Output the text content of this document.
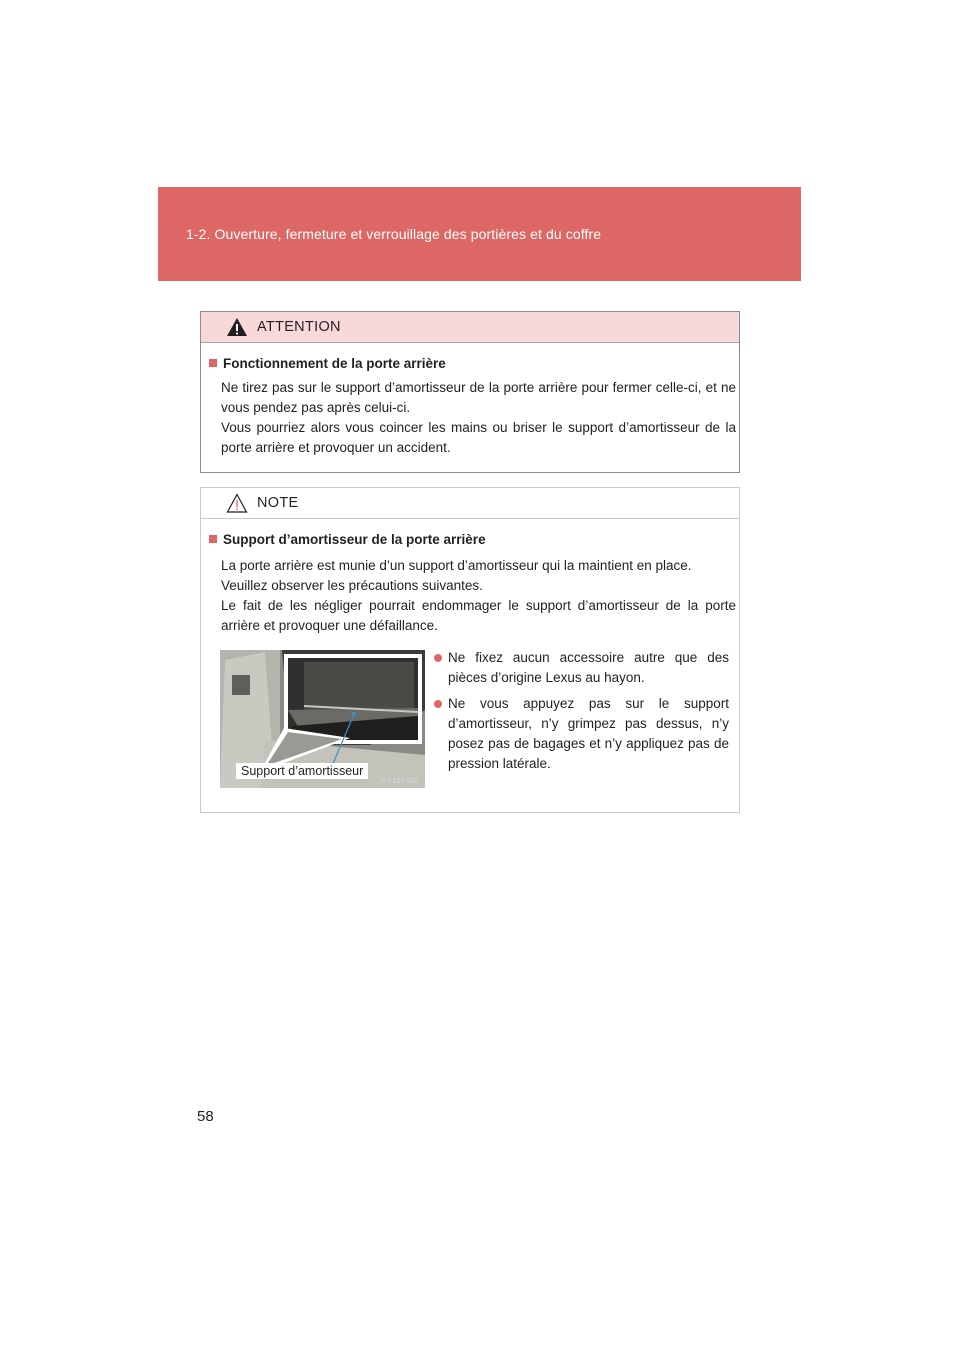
1-2. Ouverture, fermeture et verrouillage des portières et du coffre
ATTENTION
Fonctionnement de la porte arrière
Ne tirez pas sur le support d’amortisseur de la porte arrière pour fermer celle-ci, et ne vous pendez pas après celui-ci.
Vous pourriez alors vous coincer les mains ou briser le support d’amortisseur de la porte arrière et provoquer un accident.
NOTE
Support d’amortisseur de la porte arrière
La porte arrière est munie d’un support d’amortisseur qui la maintient en place.
Veuillez observer les précautions suivantes.
Le fait de les négliger pourrait endommager le support d’amortisseur de la porte arrière et provoquer une défaillance.
Support d’amortisseur
ILY12F020
Ne fixez aucun accessoire autre que des pièces d’origine Lexus au hayon.
Ne vous appuyez pas sur le support d’amortisseur, n’y grimpez pas dessus, n’y posez pas de bagages et n’y appliquez pas de pression latérale.
58
